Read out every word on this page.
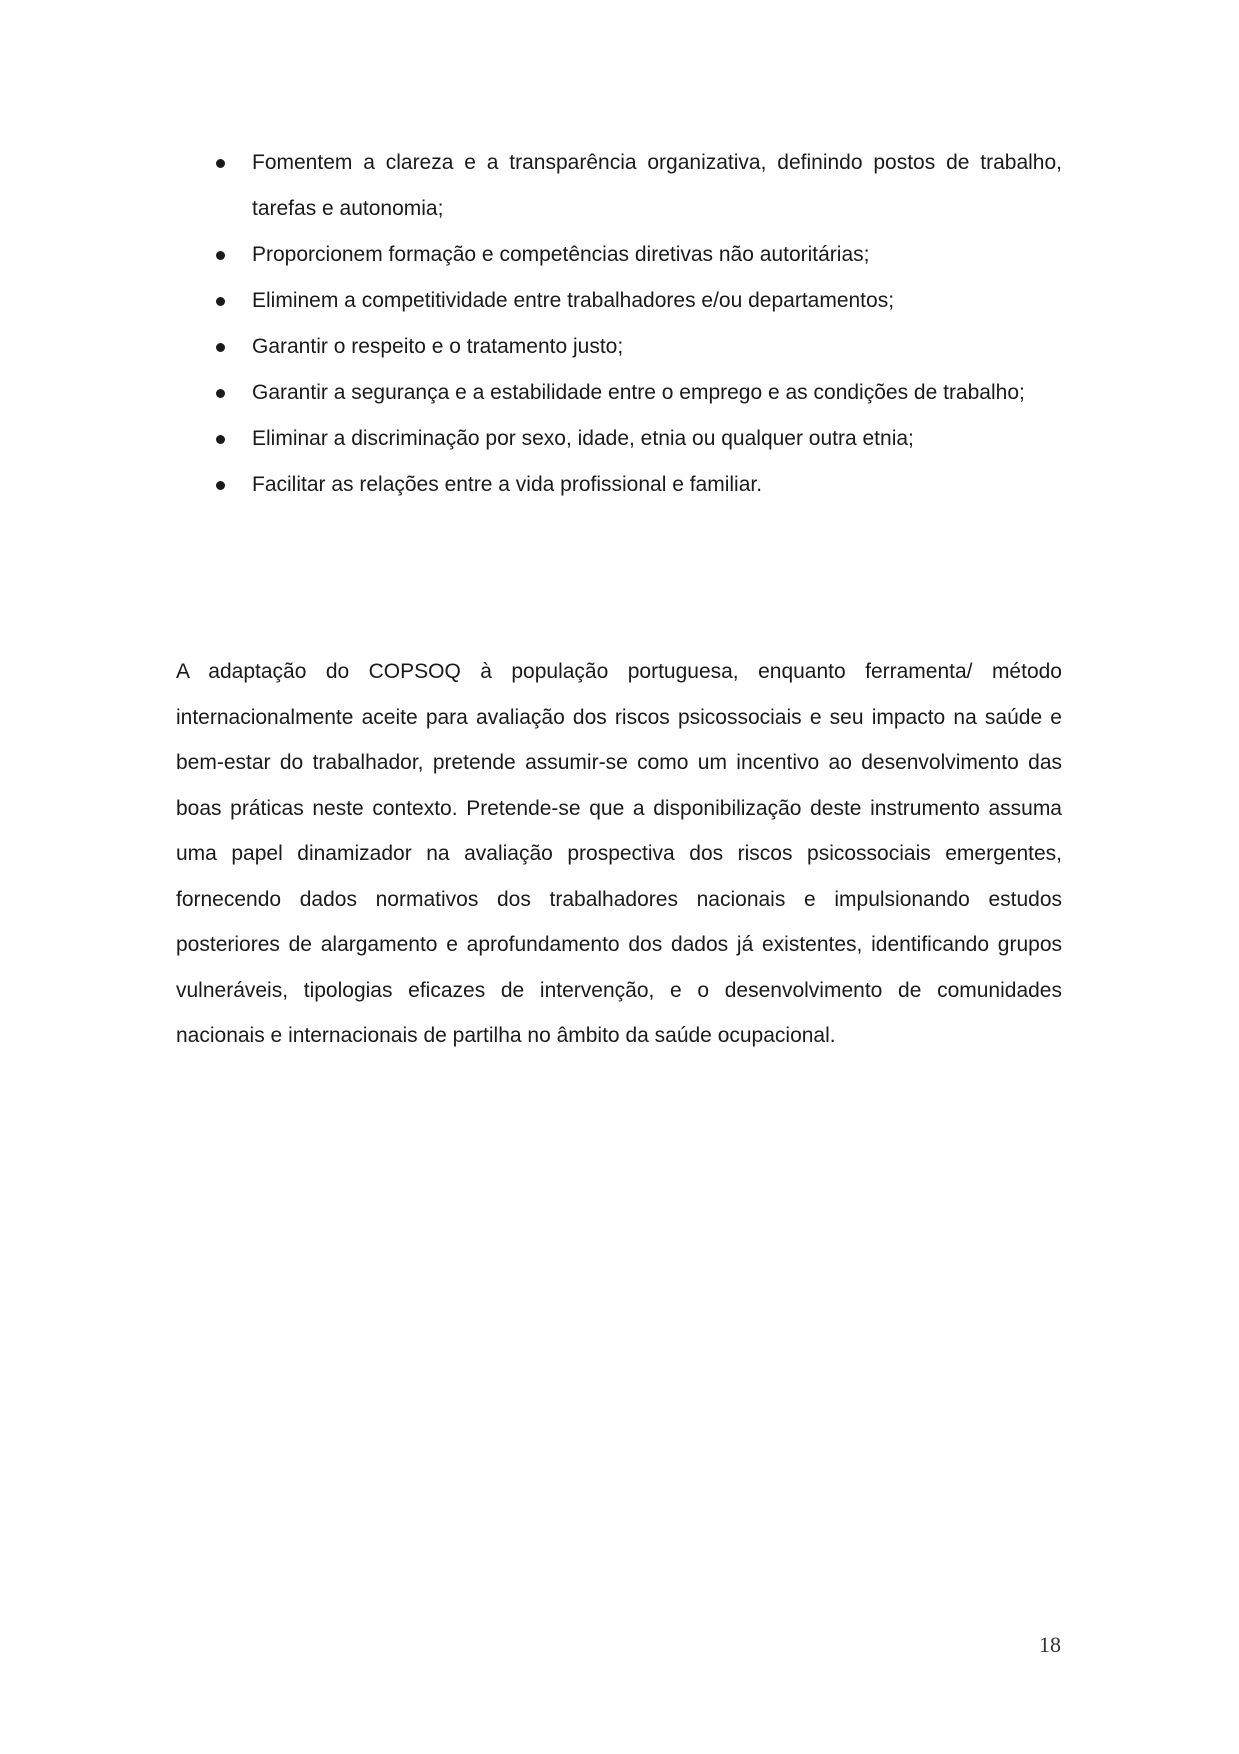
Fomentem a clareza e a transparência organizativa, definindo postos de trabalho, tarefas e autonomia;
Proporcionem formação e competências diretivas não autoritárias;
Eliminem a competitividade entre trabalhadores e/ou departamentos;
Garantir o respeito e o tratamento justo;
Garantir a segurança e a estabilidade entre o emprego e as condições de trabalho;
Eliminar a discriminação por sexo, idade, etnia ou qualquer outra etnia;
Facilitar as relações entre a vida profissional e familiar.

A adaptação do COPSOQ à população portuguesa, enquanto ferramenta/ método internacionalmente aceite para avaliação dos riscos psicossociais e seu impacto na saúde e bem-estar do trabalhador, pretende assumir-se como um incentivo ao desenvolvimento das boas práticas neste contexto. Pretende-se que a disponibilização deste instrumento assuma uma papel dinamizador na avaliação prospectiva dos riscos psicossociais emergentes, fornecendo dados normativos dos trabalhadores nacionais e impulsionando estudos posteriores de alargamento e aprofundamento dos dados já existentes, identificando grupos vulneráveis, tipologias eficazes de intervenção, e o desenvolvimento de comunidades nacionais e internacionais de partilha no âmbito da saúde ocupacional.

18
